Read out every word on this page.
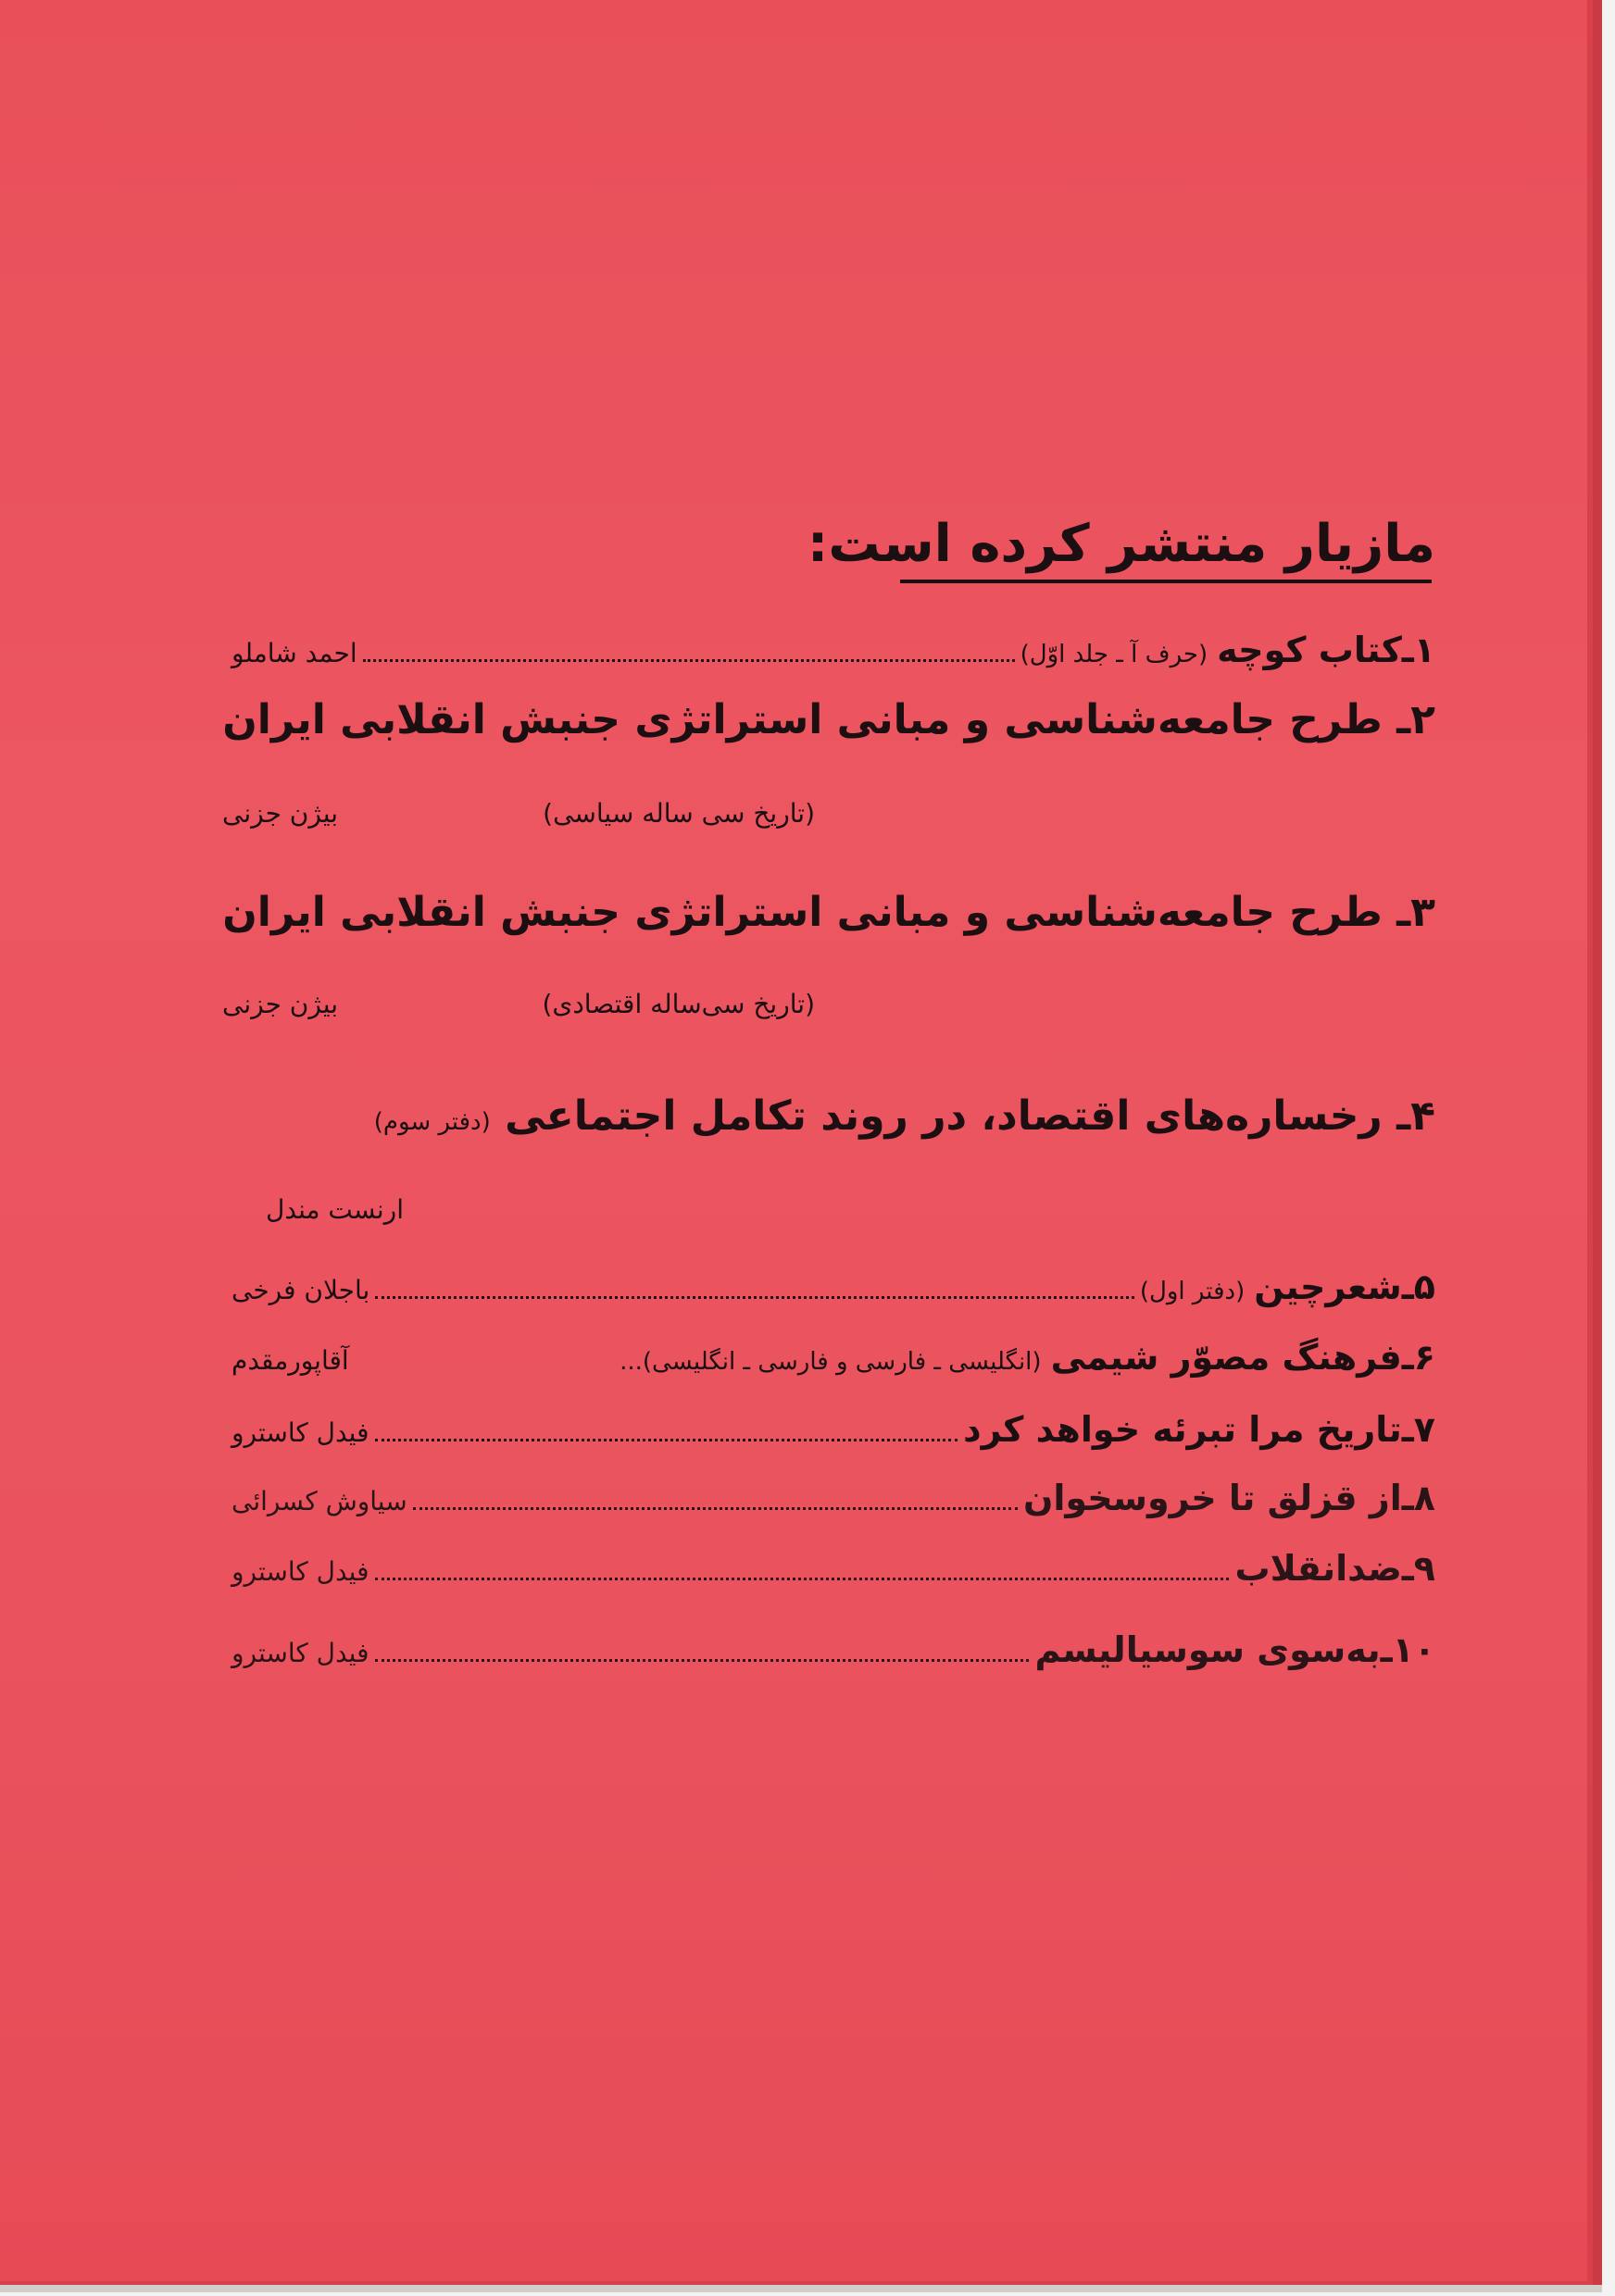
مازیار منتشر کرده است:
۱ـ
کتاب کوچه
(حرف آ ـ جلد اوّل)
احمد شاملو
۲ـ طرح جامعه‌شناسی و مبانی استراتژی جنبش انقلابی ایران
(تاریخ سی ساله سیاسی)
بیژن جزنی
۳ـ طرح جامعه‌شناسی و مبانی استراتژی جنبش انقلابی ایران
(تاریخ سی‌ساله اقتصادی)
بیژن جزنی
۴ـ رخساره‌های اقتصاد، در روند تکامل اجتماعی (دفتر سوم)
ارنست مندل
۵ـ
شعرچین
(دفتر اول)
باجلان فرخی
۶ـ
فرهنگ مصوّر شیمی
(انگلیسی ـ فارسی و فارسی ـ انگلیسی)...
آقاپورمقدم
۷ـ
تاریخ مرا تبرئه خواهد کرد
فیدل کاسترو
۸ـ
از قزلق تا خروسخوان
سیاوش کسرائی
۹ـ
ضدانقلاب
فیدل کاسترو
۱۰ـ
به‌سوی سوسیالیسم
فیدل کاسترو
